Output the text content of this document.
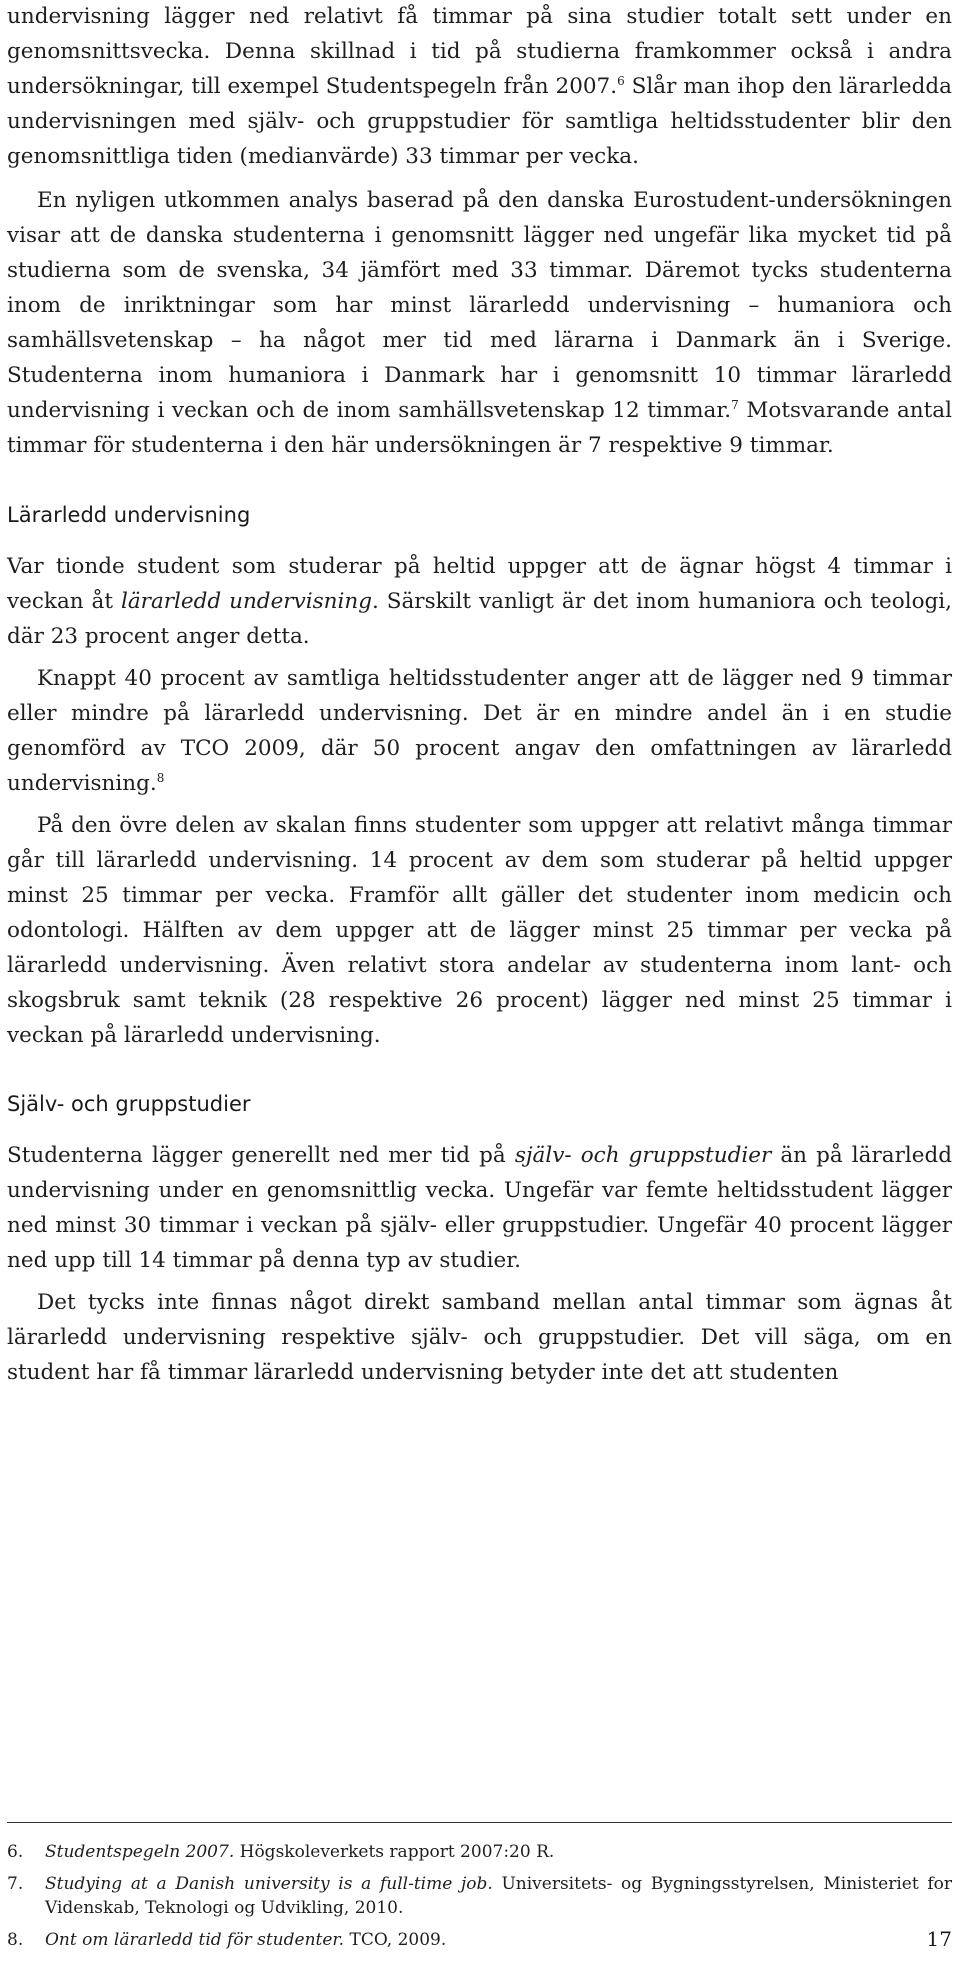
undervisning lägger ned relativt få timmar på sina studier totalt sett under en genomsnittsvecka. Denna skillnad i tid på studierna framkommer också i andra undersökningar, till exempel Studentspegeln från 2007.$^6$ Slår man ihop den lärarledda undervisningen med själv- och gruppstudier för samtliga heltidsstudenter blir den genomsnittliga tiden (medianvärde) 33 timmar per vecka.

En nyligen utkommen analys baserad på den danska Eurostudent-undersökningen visar att de danska studenterna i genomsnitt lägger ned ungefär lika mycket tid på studierna som de svenska, 34 jämfört med 33 timmar. Däremot tycks studenterna inom de inriktningar som har minst lärarledd undervisning – humaniora och samhällsvetenskap – ha något mer tid med lärarna i Danmark än i Sverige. Studenterna inom humaniora i Danmark har i genomsnitt 10 timmar lärarledd undervisning i veckan och de inom samhällsvetenskap 12 timmar.$^7$ Motsvarande antal timmar för studenterna i den här undersökningen är 7 respektive 9 timmar.

Lärarledd undervisning

Var tionde student som studerar på heltid uppger att de ägnar högst 4 timmar i veckan åt lärarledd undervisning. Särskilt vanligt är det inom humaniora och teologi, där 23 procent anger detta.

Knappt 40 procent av samtliga heltidsstudenter anger att de lägger ned 9 timmar eller mindre på lärarledd undervisning. Det är en mindre andel än i en studie genomförd av TCO 2009, där 50 procent angav den omfattningen av lärarledd undervisning.$^8$

På den övre delen av skalan finns studenter som uppger att relativt många timmar går till lärarledd undervisning. 14 procent av dem som studerar på heltid uppger minst 25 timmar per vecka. Framför allt gäller det studenter inom medicin och odontologi. Hälften av dem uppger att de lägger minst 25 timmar per vecka på lärarledd undervisning. Även relativt stora andelar av studenterna inom lant- och skogsbruk samt teknik (28 respektive 26 procent) lägger ned minst 25 timmar i veckan på lärarledd undervisning.

Själv- och gruppstudier

Studenterna lägger generellt ned mer tid på själv- och gruppstudier än på lärarledd undervisning under en genomsnittlig vecka. Ungefär var femte heltidsstudent lägger ned minst 30 timmar i veckan på själv- eller gruppstudier. Ungefär 40 procent lägger ned upp till 14 timmar på denna typ av studier.

Det tycks inte finnas något direkt samband mellan antal timmar som ägnas åt lärarledd undervisning respektive själv- och gruppstudier. Det vill säga, om en student har få timmar lärarledd undervisning betyder inte det att studenten

6.	Studentspegeln 2007. Högskoleverkets rapport 2007:20 R.
7.	Studying at a Danish university is a full-time job. Universitets- og Bygningsstyrelsen, Ministeriet for Videnskab, Teknologi og Udvikling, 2010.
8.	Ont om lärarledd tid för studenter. TCO, 2009.	17
